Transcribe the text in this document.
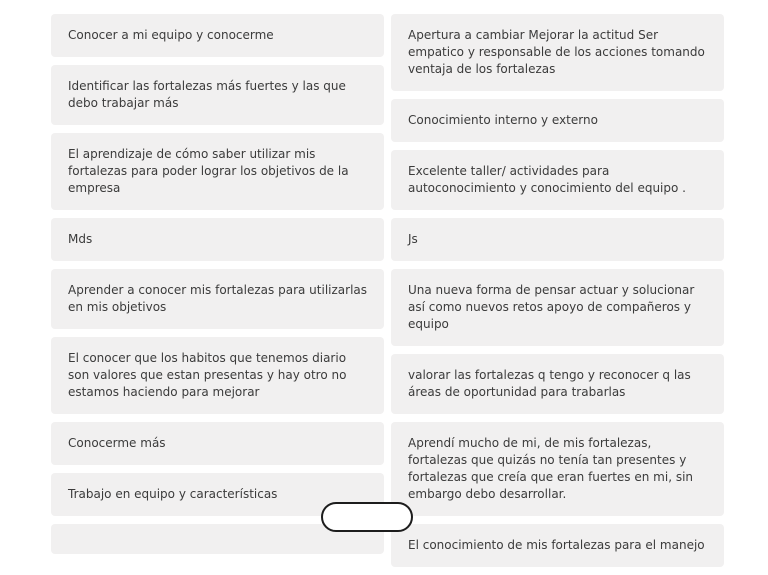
Conocer a mi equipo y conocerme
Identificar las fortalezas más fuertes y las que debo trabajar más
El aprendizaje de cómo saber utilizar mis fortalezas para poder lograr los objetivos de la empresa
Mds
Aprender a conocer mis fortalezas para utilizarlas en mis objetivos
El conocer que los habitos que tenemos diario son valores que estan presentas y hay otro no estamos haciendo para mejorar
Conocerme más
Trabajo en equipo y características
Apertura a cambiar Mejorar la actitud Ser empatico y responsable de los acciones tomando ventaja de los fortalezas
Conocimiento interno y externo
Excelente taller/ actividades para autoconocimiento y conocimiento del equipo .
Js
Una nueva forma de pensar actuar y solucionar así como nuevos retos apoyo de compañeros y equipo
valorar las fortalezas q tengo y reconocer q las áreas de oportunidad para trabarlas
Aprendí mucho de mi, de mis fortalezas, fortalezas que quizás no tenía tan presentes y fortalezas que creía que eran fuertes en mi, sin embargo debo desarrollar.
El conocimiento de mis fortalezas para el manejo
